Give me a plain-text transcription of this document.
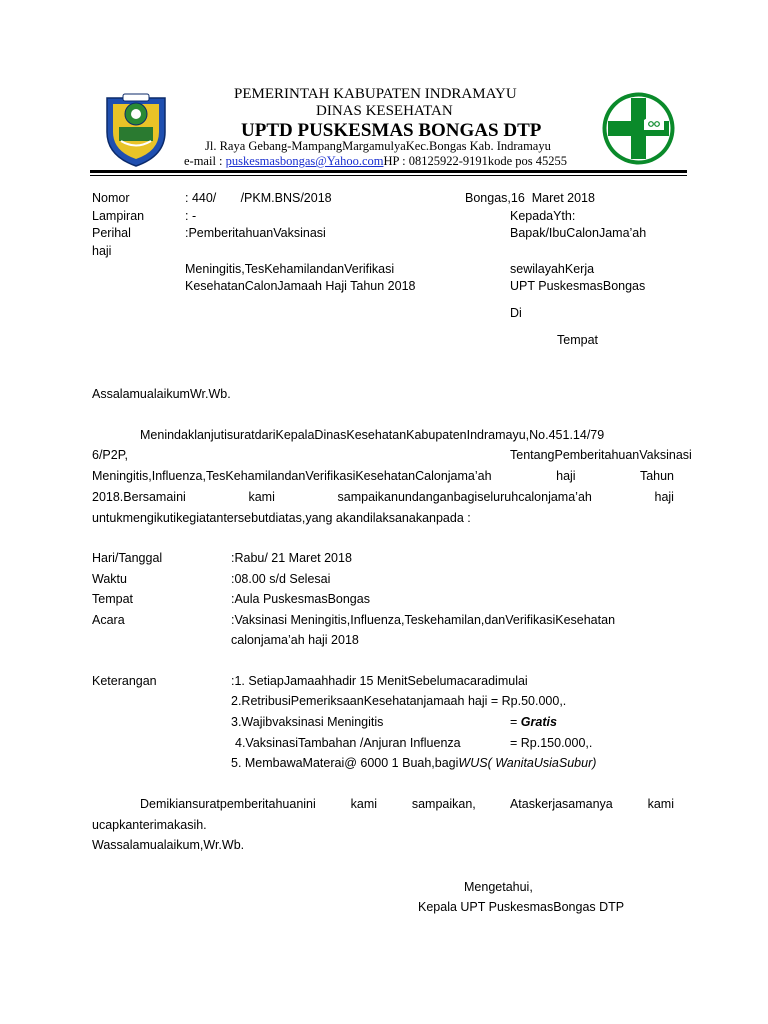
PEMERINTAH KABUPATEN INDRAMAYU
DINAS KESEHATAN
UPTD PUSKESMAS BONGAS DTP
Jl. Raya Gebang-MampangMargamulyaKec.Bongas Kab. Indramayu
e-mail : puskesmasbongas@Yahoo.comHP : 08125922-9191kode pos 45255
Nomor	: 440/       /PKM.BNS/2018	Bongas,16  Maret 2018
Lampiran	: -	KepadaYth:
Perihal	:PemberitahuanVaksinasi	Bapak/IbuCalonJama’ah
haji
Meningitis,TesKehamilandanVerifikasi	sewilayahKerja
KesehatanCalonJamaah Haji Tahun 2018	UPT PuskesmasBongas
Di
Tempat
AssalamualaikumWr.Wb.
MenindaklanjutisuratdariKepalaDinasKesehatanKabupatenIndramayu,No.451.14/79
6/P2P,	TentangPemberitahuanVaksinasi
Meningitis,Influenza,TesKehamilandanVerifikasiKesehatanCalonjama’ah	haji	Tahun
2018.Bersamaini	kami	sampaikanundanganbagiseluruhcalonjama’ah	haji
untukmengikutikegiatantersebutdiatas,yang akandilaksanakanpada :
Hari/Tanggal	:Rabu/ 21 Maret 2018
Waktu	:08.00 s/d Selesai
Tempat	:Aula PuskesmasBongas
Acara	:Vaksinasi Meningitis,Influenza,Teskehamilan,danVerifikasiKesehatan
calonjama’ah haji 2018
Keterangan	:1. SetiapJamaahhadir 15 MenitSebelumacaradimulai
2.RetribusiPemeriksaanKesehatanjamaah haji = Rp.50.000,.
3.Wajibvaksinasi Meningitis	= Gratis
4.VaksinasiTambahan /Anjuran Influenza	= Rp.150.000,.
5. MembawaMaterai@ 6000 1 Buah,bagiWUS( WanitaUsiaSubur)
Demikiansuratpemberitahuanini	kami	sampaikan,	Ataskerjasamanya	kami
ucapkanterimakasih.
Wassalamualaikum,Wr.Wb.
Mengetahui,
Kepala UPT PuskesmasBongas DTP
